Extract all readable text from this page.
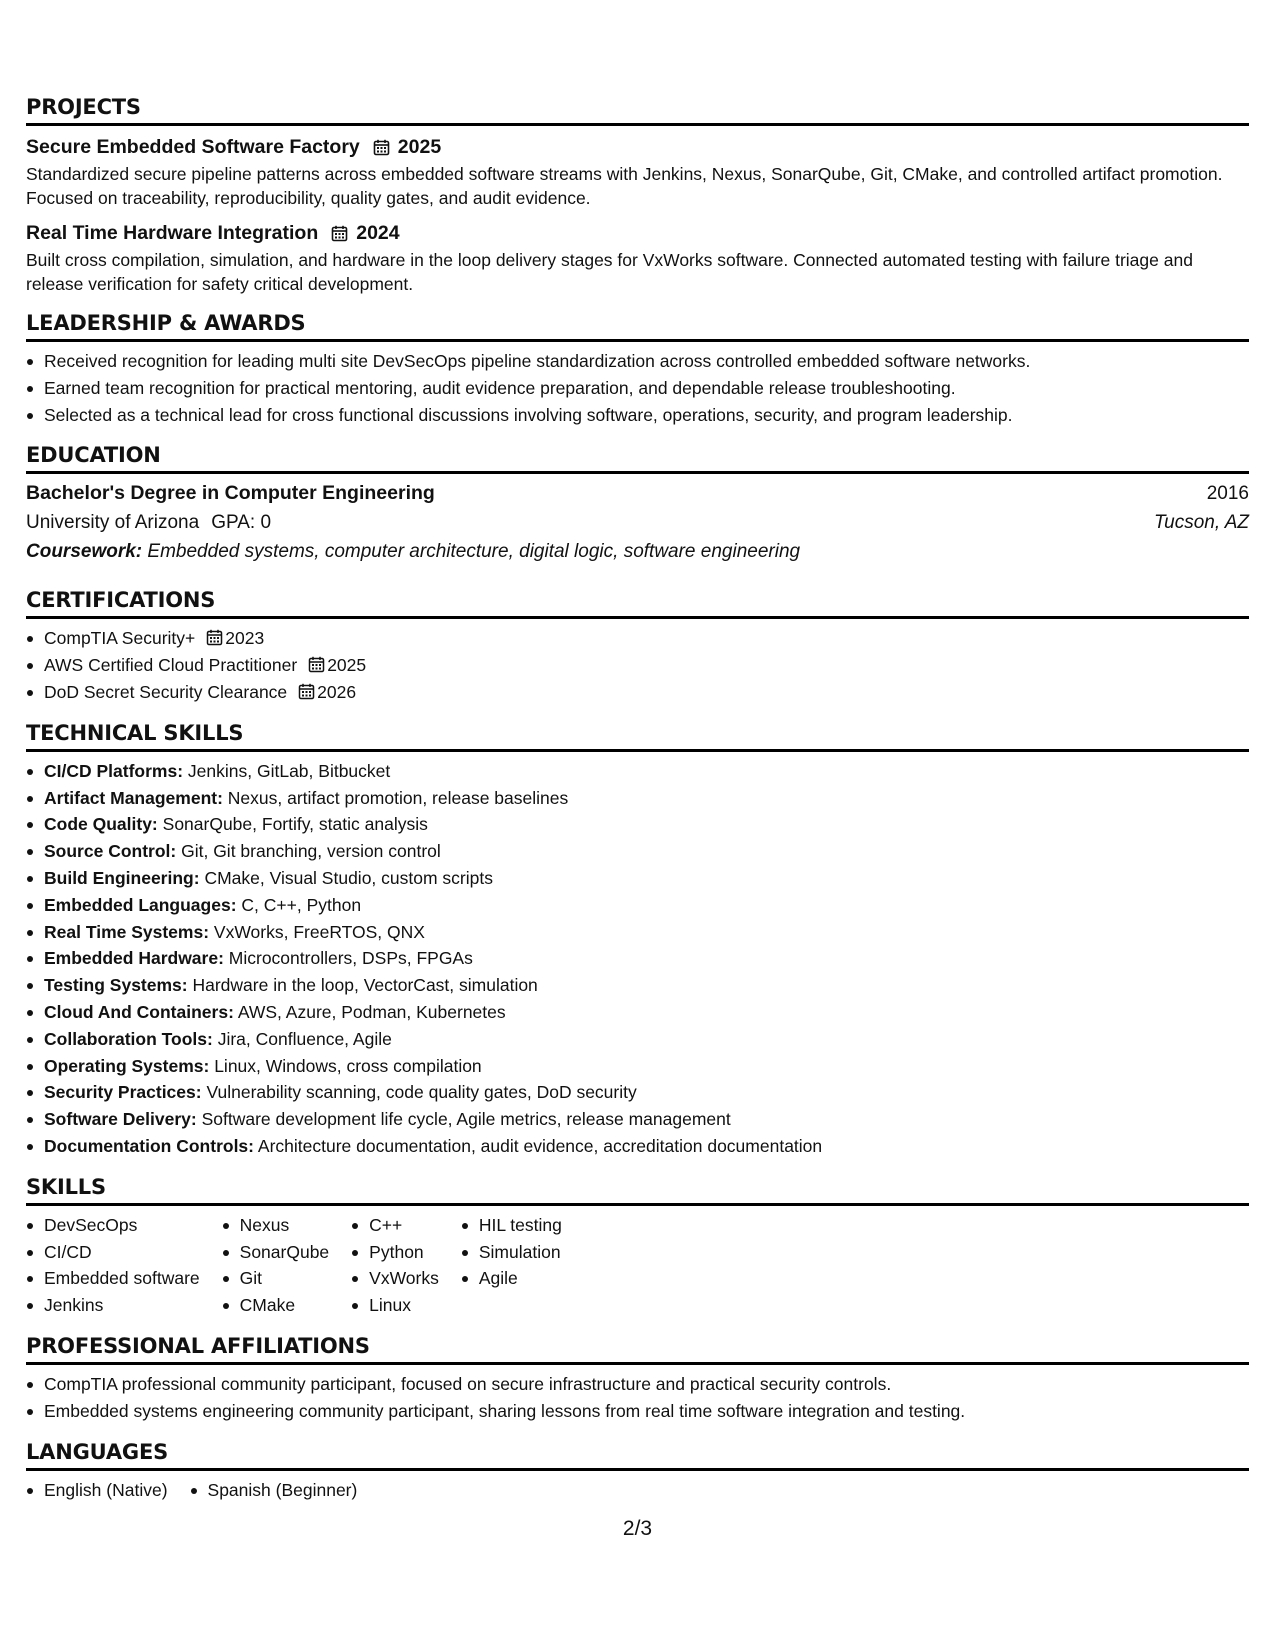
PROJECTS
Secure Embedded Software Factory 2025

Standardized secure pipeline patterns across embedded software streams with Jenkins, Nexus, SonarQube, Git, CMake, and controlled artifact promotion. Focused on traceability, reproducibility, quality gates, and audit evidence.

Real Time Hardware Integration 2024

Built cross compilation, simulation, and hardware in the loop delivery stages for VxWorks software. Connected automated testing with failure triage and release verification for safety critical development.

LEADERSHIP & AWARDS
Received recognition for leading multi site DevSecOps pipeline standardization across controlled embedded software networks.
Earned team recognition for practical mentoring, audit evidence preparation, and dependable release troubleshooting.
Selected as a technical lead for cross functional discussions involving software, operations, security, and program leadership.
EDUCATION
Bachelor's Degree in Computer Engineering	2016
University of Arizona GPA: 0	Tucson, AZ
Coursework: Embedded systems, computer architecture, digital logic, software engineering
CERTIFICATIONS
CompTIA Security+ 2023
AWS Certified Cloud Practitioner 2025
DoD Secret Security Clearance 2026
TECHNICAL SKILLS
CI/CD Platforms: Jenkins, GitLab, Bitbucket
Artifact Management: Nexus, artifact promotion, release baselines
Code Quality: SonarQube, Fortify, static analysis
Source Control: Git, Git branching, version control
Build Engineering: CMake, Visual Studio, custom scripts
Embedded Languages: C, C++, Python
Real Time Systems: VxWorks, FreeRTOS, QNX
Embedded Hardware: Microcontrollers, DSPs, FPGAs
Testing Systems: Hardware in the loop, VectorCast, simulation
Cloud And Containers: AWS, Azure, Podman, Kubernetes
Collaboration Tools: Jira, Confluence, Agile
Operating Systems: Linux, Windows, cross compilation
Security Practices: Vulnerability scanning, code quality gates, DoD security
Software Delivery: Software development life cycle, Agile metrics, release management
Documentation Controls: Architecture documentation, audit evidence, accreditation documentation
SKILLS
DevSecOps
CI/CD
Embedded software
Jenkins
Nexus
SonarQube
Git
CMake
C++
Python
VxWorks
Linux
HIL testing
Simulation
Agile
PROFESSIONAL AFFILIATIONS
CompTIA professional community participant, focused on secure infrastructure and practical security controls.
Embedded systems engineering community participant, sharing lessons from real time software integration and testing.
LANGUAGES
English (Native)	Spanish (Beginner)
2/3
